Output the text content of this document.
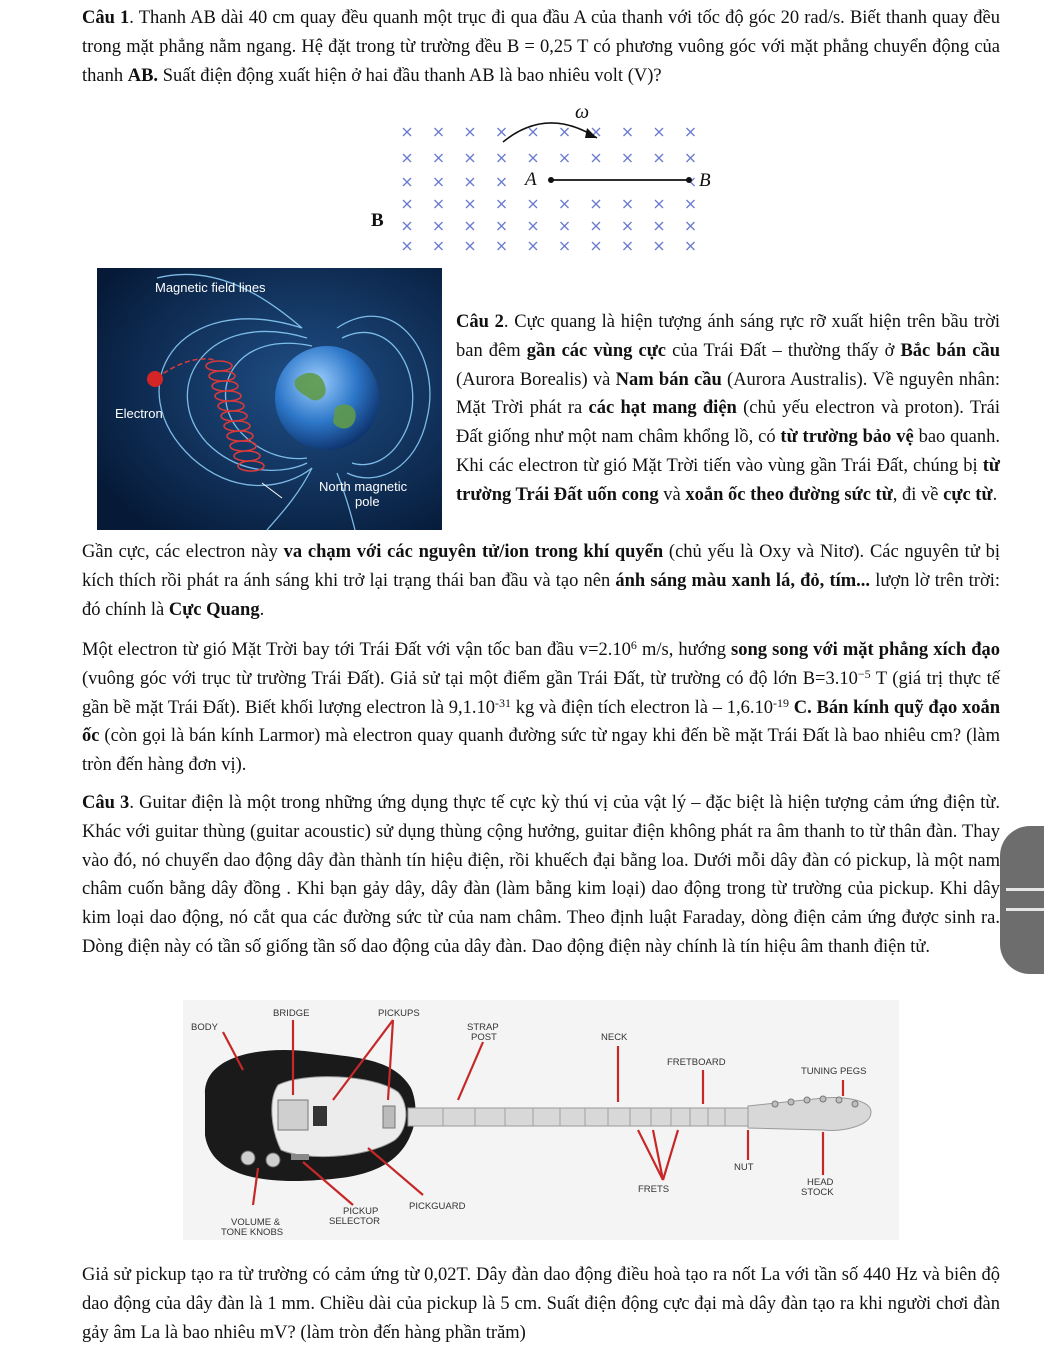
Câu 1. Thanh AB dài 40 cm quay đều quanh một trục đi qua đầu A của thanh với tốc độ góc 20 rad/s. Biết thanh quay đều trong mặt phẳng nằm ngang. Hệ đặt trong từ trường đều B = 0,25 T có phương vuông góc với mặt phẳng chuyển động của thanh AB. Suất điện động xuất hiện ở hai đầu thanh AB là bao nhiêu volt (V)?

ω
A	B
B
Magnetic field lines
Electron
North magnetic
pole

Câu 2. Cực quang là hiện tượng ánh sáng rực rỡ xuất hiện trên bầu trời ban đêm gần các vùng cực của Trái Đất – thường thấy ở Bắc bán cầu (Aurora Borealis) và Nam bán cầu (Aurora Australis). Về nguyên nhân: Mặt Trời phát ra các hạt mang điện (chủ yếu electron và proton). Trái Đất giống như một nam châm khổng lồ, có từ trường bảo vệ bao quanh. Khi các electron từ gió Mặt Trời tiến vào vùng gần Trái Đất, chúng bị từ trường Trái Đất uốn cong và xoắn ốc theo đường sức từ, đi về cực từ.

Gần cực, các electron này va chạm với các nguyên tử/ion trong khí quyển (chủ yếu là Oxy và Nitơ). Các nguyên tử bị kích thích rồi phát ra ánh sáng khi trở lại trạng thái ban đầu và tạo nên ánh sáng màu xanh lá, đỏ, tím... lượn lờ trên trời: đó chính là Cực Quang.

Một electron từ gió Mặt Trời bay tới Trái Đất với vận tốc ban đầu $v=2.10^6$ m/s, hướng song song với mặt phẳng xích đạo (vuông góc với trục từ trường Trái Đất). Giả sử tại một điểm gần Trái Đất, từ trường có độ lớn $B=3.10^{-5}$ T (giá trị thực tế gần bề mặt Trái Đất). Biết khối lượng electron là $9,1.10^{-31}$ kg và điện tích electron là – $1,6.10^{-19}$ C. Bán kính quỹ đạo xoắn ốc (còn gọi là bán kính Larmor) mà electron quay quanh đường sức từ ngay khi đến bề mặt Trái Đất là bao nhiêu cm? (làm tròn đến hàng đơn vị).

Câu 3. Guitar điện là một trong những ứng dụng thực tế cực kỳ thú vị của vật lý – đặc biệt là hiện tượng cảm ứng điện từ. Khác với guitar thùng (guitar acoustic) sử dụng thùng cộng hưởng, guitar điện không phát ra âm thanh to từ thân đàn. Thay vào đó, nó chuyển dao động dây đàn thành tín hiệu điện, rồi khuếch đại bằng loa. Dưới mỗi dây đàn có pickup, là một nam châm cuốn bằng dây đồng . Khi bạn gảy dây, dây đàn (làm bằng kim loại) dao động trong từ trường của pickup. Khi dây kim loại dao động, nó cắt qua các đường sức từ của nam châm. Theo định luật Faraday, dòng điện cảm ứng được sinh ra. Dòng điện này có tần số giống tần số dao động của dây đàn. Dao động điện này chính là tín hiệu âm thanh điện tử.

BODY
BRIDGE	PICKUPS
STRAP
POST	NECK
FRETBOARD
TUNING PEGS
NUT
FRETS
HEAD
STOCK
PICKGUARD
PICKUP
SELECTOR
VOLUME &
TONE KNOBS

Giả sử pickup tạo ra từ trường có cảm ứng từ 0,02T. Dây đàn dao động điều hoà tạo ra nốt La với tần số 440 Hz và biên độ dao động của dây đàn là 1 mm. Chiều dài của pickup là 5 cm. Suất điện động cực đại mà dây đàn tạo ra khi người chơi đàn gảy âm La là bao nhiêu mV? (làm tròn đến hàng phần trăm)
